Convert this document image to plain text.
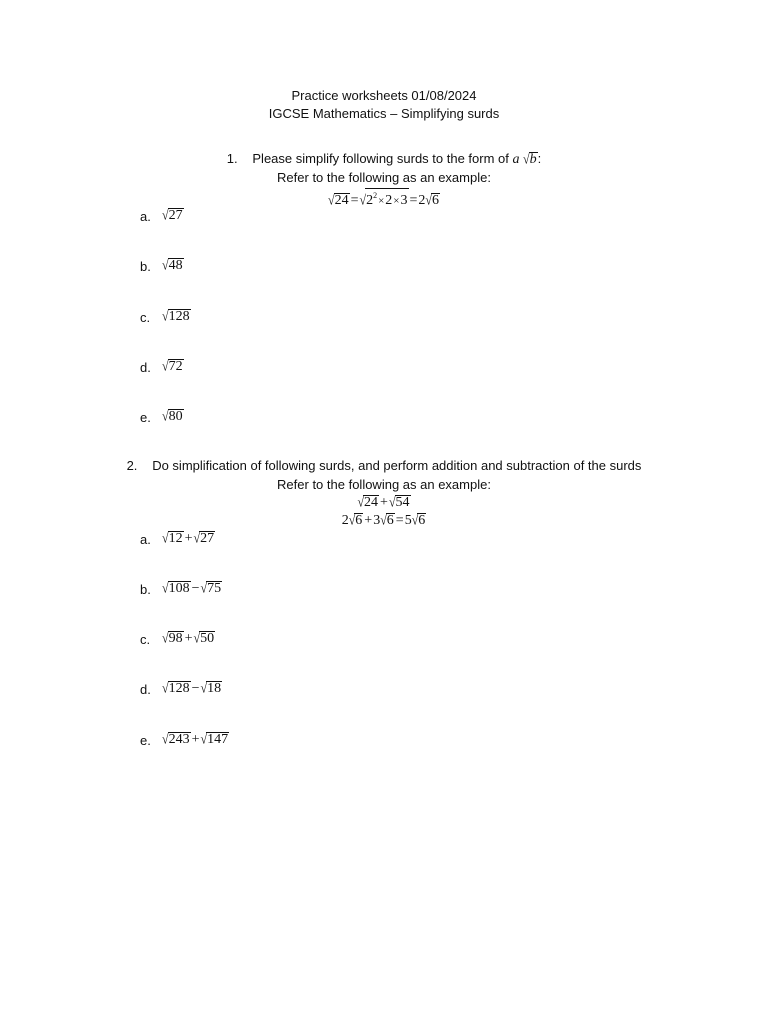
Practice worksheets 01/08/2024
IGCSE Mathematics – Simplifying surds
1. Please simplify following surds to the form of a √b:
Refer to the following as an example:
$√24 =√2^2\times 2\times 3 =2√6$
a. √27
b. √48
c. √128
d. √72
e. √80
2. Do simplification of following surds, and perform addition and subtraction of the surds
Refer to the following as an example:
√24 +√54
2√6 +3√6 =5√6
a. √12 +√27
b. √108 −√75
c. √98 +√50
d. √128 −√18
e. √243 +√147
